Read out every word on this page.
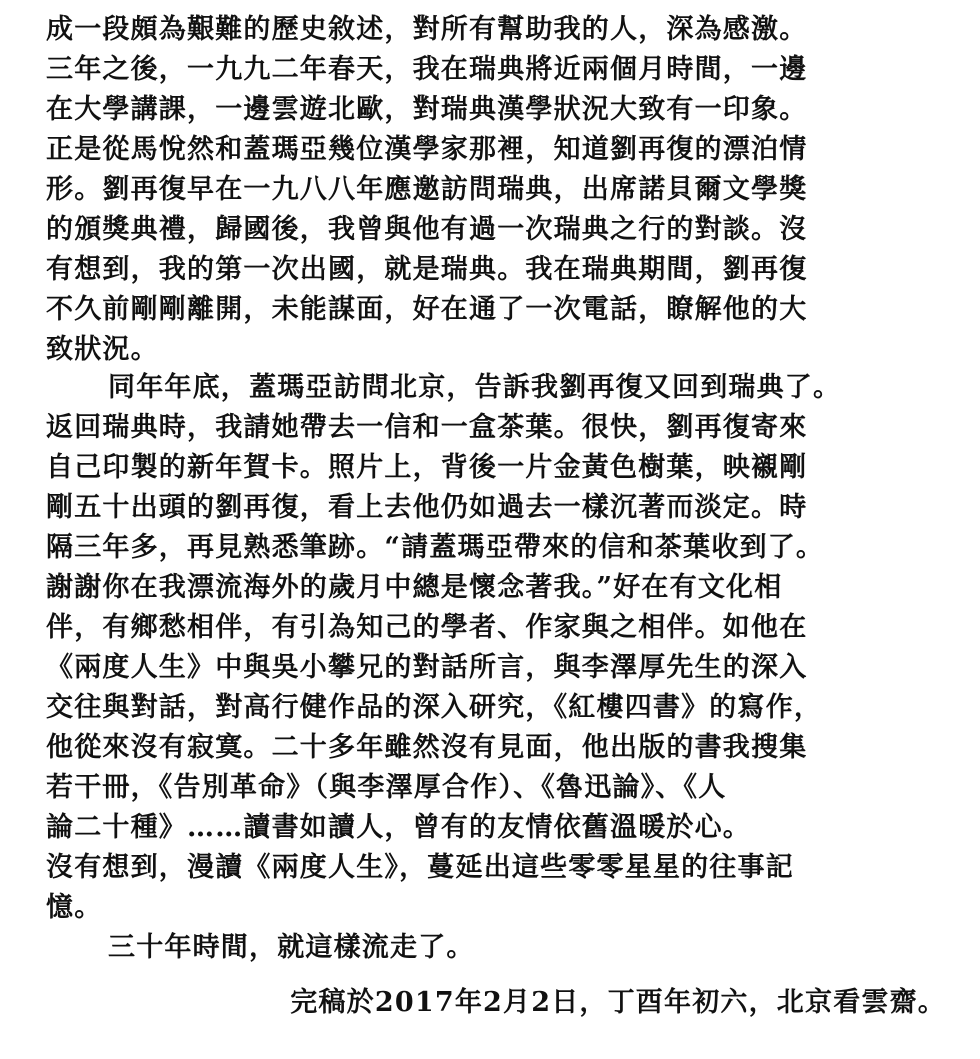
成一段頗為艱難的歷史敘述，對所有幫助我的人，深為感激。
三年之後，一九九二年春天，我在瑞典將近兩個月時間，一邊
在大學講課，一邊雲遊北歐，對瑞典漢學狀況大致有一印象。
正是從馬悅然和蓋瑪亞幾位漢學家那裡，知道劉再復的漂泊情
形。劉再復早在一九八八年應邀訪問瑞典，出席諾貝爾文學獎
的頒獎典禮，歸國後，我曾與他有過一次瑞典之行的對談。沒
有想到，我的第一次出國，就是瑞典。我在瑞典期間，劉再復
不久前剛剛離開，未能謀面，好在通了一次電話，瞭解他的大
致狀況。
同年年底，蓋瑪亞訪問北京，告訴我劉再復又回到瑞典了。
返回瑞典時，我請她帶去一信和一盒茶葉。很快，劉再復寄來
自己印製的新年賀卡。照片上，背後一片金黃色樹葉，映襯剛
剛五十出頭的劉再復，看上去他仍如過去一樣沉著而淡定。時
隔三年多，再見熟悉筆跡。“請蓋瑪亞帶來的信和茶葉收到了。
謝謝你在我漂流海外的歲月中總是懷念著我。”好在有文化相
伴，有鄉愁相伴，有引為知己的學者、作家與之相伴。如他在
《兩度人生》中與吳小攀兄的對話所言，與李澤厚先生的深入
交往與對話，對高行健作品的深入研究，《紅樓四書》的寫作，
他從來沒有寂寞。二十多年雖然沒有見面，他出版的書我搜集
若干冊，《告別革命》（與李澤厚合作）、《魯迅論》、《人
論二十種》……讀書如讀人，曾有的友情依舊溫暖於心。
沒有想到，漫讀《兩度人生》，蔓延出這些零零星星的往事記
憶。
三十年時間，就這樣流走了。
完稿於2017年2月2日，丁酉年初六，北京看雲齋。
